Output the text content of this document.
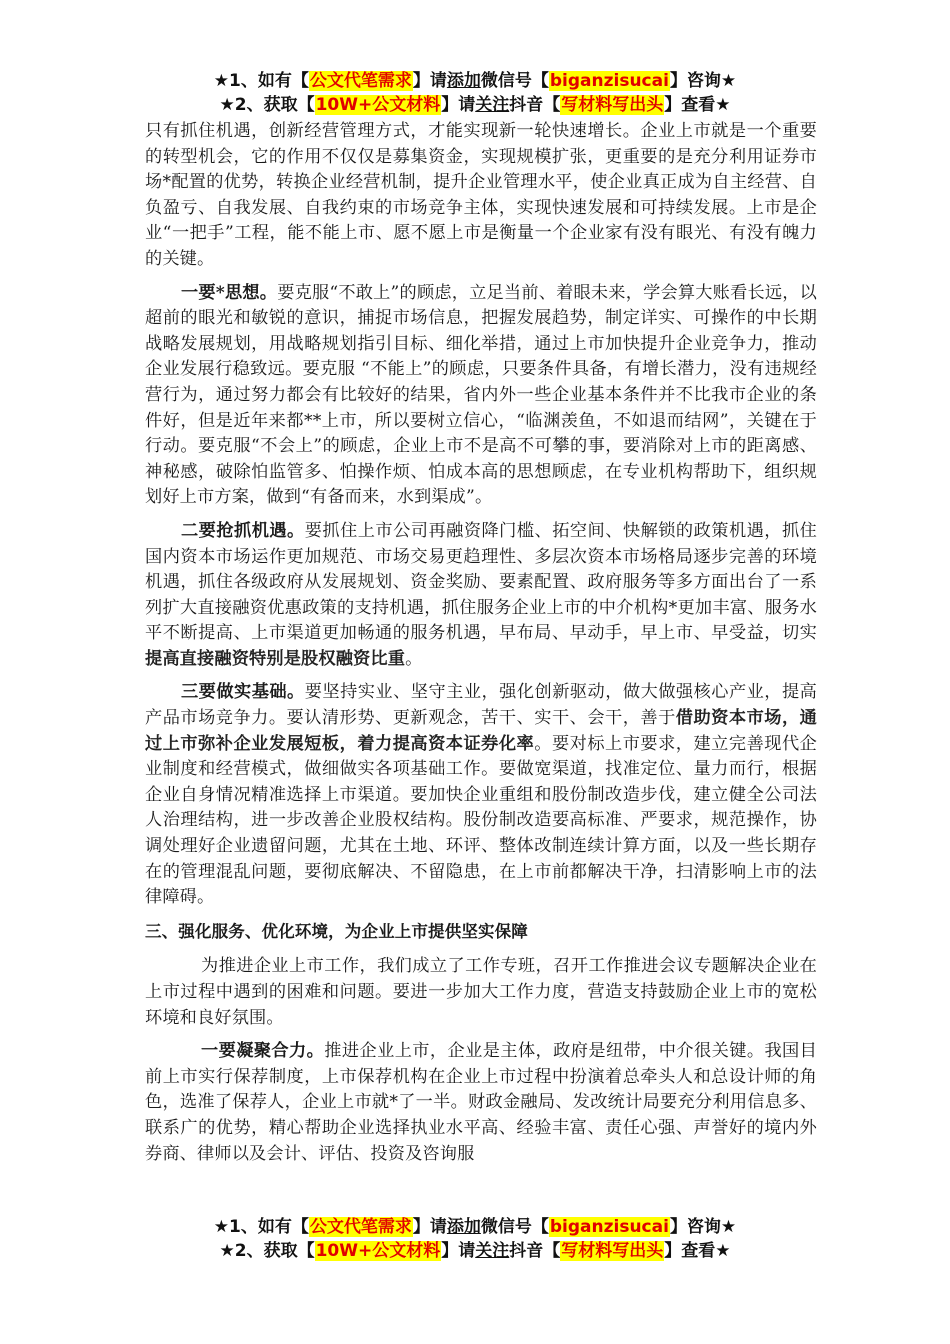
★1、如有【公文代笔需求】请添加微信号【biganzisucai】咨询★
★2、获取【10W+公文材料】请关注抖音【写材料写出头】查看★

只有抓住机遇，创新经营管理方式，才能实现新一轮快速增长。企业上市就是一个重要的转型机会，它的作用不仅仅是募集资金，实现规模扩张，更重要的是充分利用证券市场*配置的优势，转换企业经营机制，提升企业管理水平，使企业真正成为自主经营、自负盈亏、自我发展、自我约束的市场竞争主体，实现快速发展和可持续发展。上市是企业“一把手”工程，能不能上市、愿不愿上市是衡量一个企业家有没有眼光、有没有魄力的关键。

一要*思想。要克服“不敢上”的顾虑，立足当前、着眼未来，学会算大账看长远，以超前的眼光和敏锐的意识，捕捉市场信息，把握发展趋势，制定详实、可操作的中长期战略发展规划，用战略规划指引目标、细化举措，通过上市加快提升企业竞争力，推动企业发展行稳致远。要克服 “不能上”的顾虑，只要条件具备，有增长潜力，没有违规经营行为，通过努力都会有比较好的结果，省内外一些企业基本条件并不比我市企业的条件好，但是近年来都**上市，所以要树立信心，“临渊羡鱼，不如退而结网”，关键在于行动。要克服“不会上”的顾虑，企业上市不是高不可攀的事，要消除对上市的距离感、神秘感，破除怕监管多、怕操作烦、怕成本高的思想顾虑，在专业机构帮助下，组织规划好上市方案，做到“有备而来，水到渠成”。

二要抢抓机遇。要抓住上市公司再融资降门槛、拓空间、快解锁的政策机遇，抓住国内资本市场运作更加规范、市场交易更趋理性、多层次资本市场格局逐步完善的环境机遇，抓住各级政府从发展规划、资金奖励、要素配置、政府服务等多方面出台了一系列扩大直接融资优惠政策的支持机遇，抓住服务企业上市的中介机构*更加丰富、服务水平不断提高、上市渠道更加畅通的服务机遇，早布局、早动手，早上市、早受益，切实提高直接融资特别是股权融资比重。

三要做实基础。要坚持实业、坚守主业，强化创新驱动，做大做强核心产业，提高产品市场竞争力。要认清形势、更新观念，苦干、实干、会干，善于借助资本市场，通过上市弥补企业发展短板，着力提高资本证券化率。要对标上市要求，建立完善现代企业制度和经营模式，做细做实各项基础工作。要做宽渠道，找准定位、量力而行，根据企业自身情况精准选择上市渠道。要加快企业重组和股份制改造步伐，建立健全公司法人治理结构，进一步改善企业股权结构。股份制改造要高标准、严要求，规范操作，协调处理好企业遗留问题，尤其在土地、环评、整体改制连续计算方面，以及一些长期存在的管理混乱问题，要彻底解决、不留隐患，在上市前都解决干净，扫清影响上市的法律障碍。

三、强化服务、优化环境，为企业上市提供坚实保障

为推进企业上市工作，我们成立了工作专班，召开工作推进会议专题解决企业在上市过程中遇到的困难和问题。要进一步加大工作力度，营造支持鼓励企业上市的宽松环境和良好氛围。

一要凝聚合力。推进企业上市，企业是主体，政府是纽带，中介很关键。我国目前上市实行保荐制度，上市保荐机构在企业上市过程中扮演着总牵头人和总设计师的角色，选准了保荐人，企业上市就*了一半。财政金融局、发改统计局要充分利用信息多、联系广的优势，精心帮助企业选择执业水平高、经验丰富、责任心强、声誉好的境内外券商、律师以及会计、评估、投资及咨询服

★1、如有【公文代笔需求】请添加微信号【biganzisucai】咨询★
★2、获取【10W+公文材料】请关注抖音【写材料写出头】查看★
